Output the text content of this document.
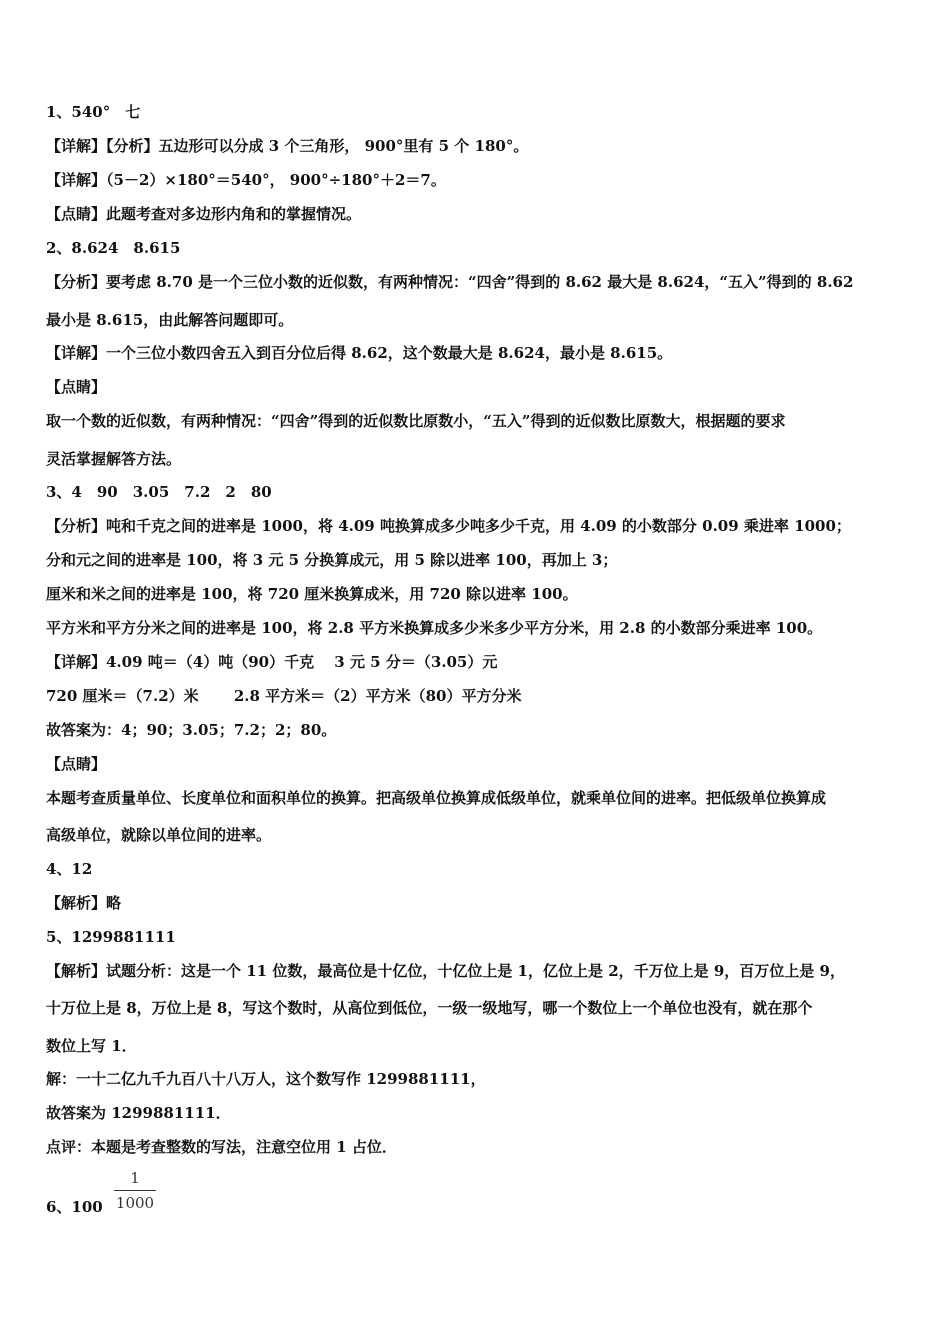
1、540°　七
【详解】【分析】五边形可以分成 3 个三角形， 900°里有 5 个 180°。
【详解】（5－2）×180°＝540°， 900°÷180°＋2＝7。
【点睛】此题考查对多边形内角和的掌握情况。
2、8.624　8.615
【分析】要考虑 8.70 是一个三位小数的近似数，有两种情况：“四舍”得到的 8.62 最大是 8.624，“五入”得到的 8.62
最小是 8.615，由此解答问题即可。
【详解】一个三位小数四舍五入到百分位后得 8.62，这个数最大是 8.624，最小是 8.615。
【点睛】
取一个数的近似数，有两种情况：“四舍”得到的近似数比原数小，“五入”得到的近似数比原数大，根据题的要求
灵活掌握解答方法。
3、4　90　3.05　7.2　2　80
【分析】吨和千克之间的进率是 1000，将 4.09 吨换算成多少吨多少千克，用 4.09 的小数部分 0.09 乘进率 1000；
分和元之间的进率是 100，将 3 元 5 分换算成元，用 5 除以进率 100，再加上 3；
厘米和米之间的进率是 100，将 720 厘米换算成米，用 720 除以进率 100。
平方米和平方分米之间的进率是 100，将 2.8 平方米换算成多少米多少平方分米，用 2.8 的小数部分乘进率 100。
【详解】4.09 吨＝（4）吨（90）千克　 3 元 5 分＝（3.05）元
720 厘米＝（7.2）米　　 2.8 平方米＝（2）平方米（80）平方分米
故答案为：4；90；3.05；7.2；2；80。
【点睛】
本题考查质量单位、长度单位和面积单位的换算。把高级单位换算成低级单位，就乘单位间的进率。把低级单位换算成
高级单位，就除以单位间的进率。
4、12
【解析】略
5、1299881111
【解析】试题分析：这是一个 11 位数，最高位是十亿位，十亿位上是 1，亿位上是 2，千万位上是 9，百万位上是 9，
十万位上是 8，万位上是 8，写这个数时，从高位到低位，一级一级地写，哪一个数位上一个单位也没有，就在那个
数位上写 1．
解：一十二亿九千九百八十八万人，这个数写作 1299881111，
故答案为 1299881111．
点评：本题是考查整数的写法，注意空位用 1 占位．
6、100
1
1000
